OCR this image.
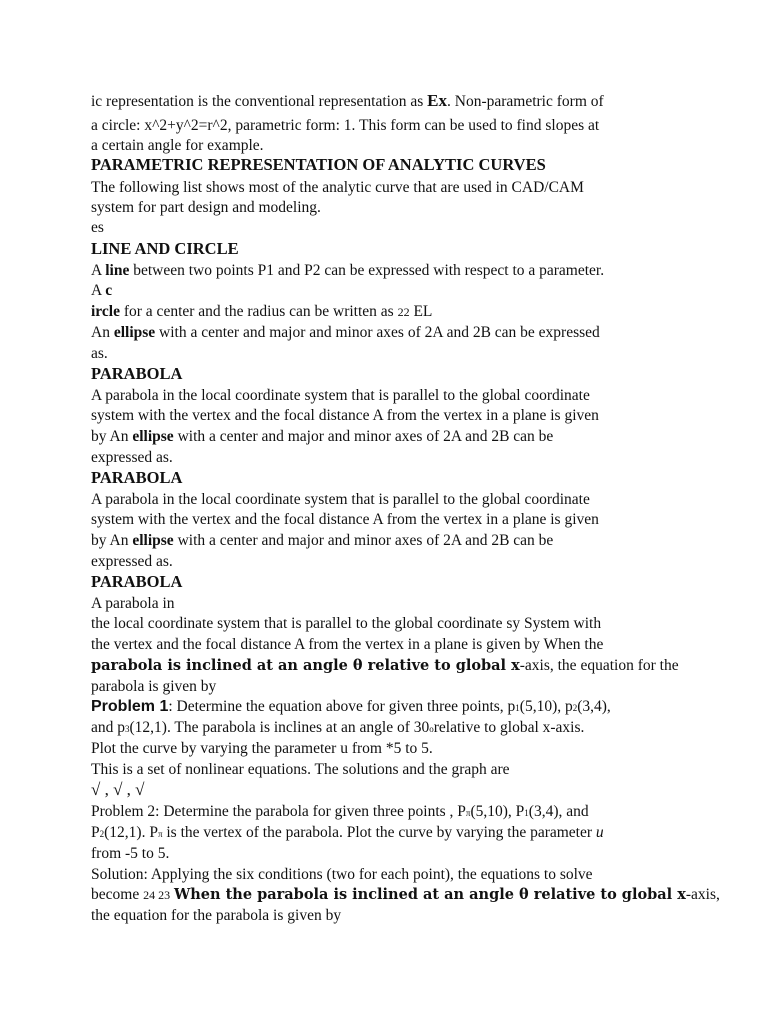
ic representation is the conventional representation as Ex. Non-parametric form of

a circle: x^2+y^2=r^2, parametric form: 1. This form can be used to find slopes at

a certain angle for example.

PARAMETRIC REPRESENTATION OF ANALYTIC CURVES

The following list shows most of the analytic curve that are used in CAD/CAM

system for part design and modeling.

es

LINE AND CIRCLE

A line between two points P1 and P2 can be expressed with respect to a parameter.

A c

ircle for a center and the radius can be written as 22 EL

An ellipse with a center and major and minor axes of 2A and 2B can be expressed

as.

PARABOLA

A parabola in the local coordinate system that is parallel to the global coordinate

system with the vertex and the focal distance A from the vertex in a plane is given

by An ellipse with a center and major and minor axes of 2A and 2B can be

expressed as.

PARABOLA

A parabola in the local coordinate system that is parallel to the global coordinate

system with the vertex and the focal distance A from the vertex in a plane is given

by An ellipse with a center and major and minor axes of 2A and 2B can be

expressed as.

PARABOLA

A parabola in

the local coordinate system that is parallel to the global coordinate sy System with

the vertex and the focal distance A from the vertex in a plane is given by When the

parabola is inclined at an angle θ relative to global x-axis, the equation for the

parabola is given by

Problem 1: Determine the equation above for given three points, p1(5,10), p2(3,4),

and p3(12,1). The parabola is inclines at an angle of 30orelative to global x-axis.

Plot the curve by varying the parameter u from *5 to 5.

This is a set of nonlinear equations. The solutions and the graph are

√ , √ , √

Problem 2: Determine the parabola for given three points , Pπ(5,10), P1(3,4), and

P2(12,1). Pπ is the vertex of the parabola. Plot the curve by varying the parameter u

from -5 to 5.

Solution: Applying the six conditions (two for each point), the equations to solve

become 24 23 When the parabola is inclined at an angle θ relative to global x-axis,

the equation for the parabola is given by
